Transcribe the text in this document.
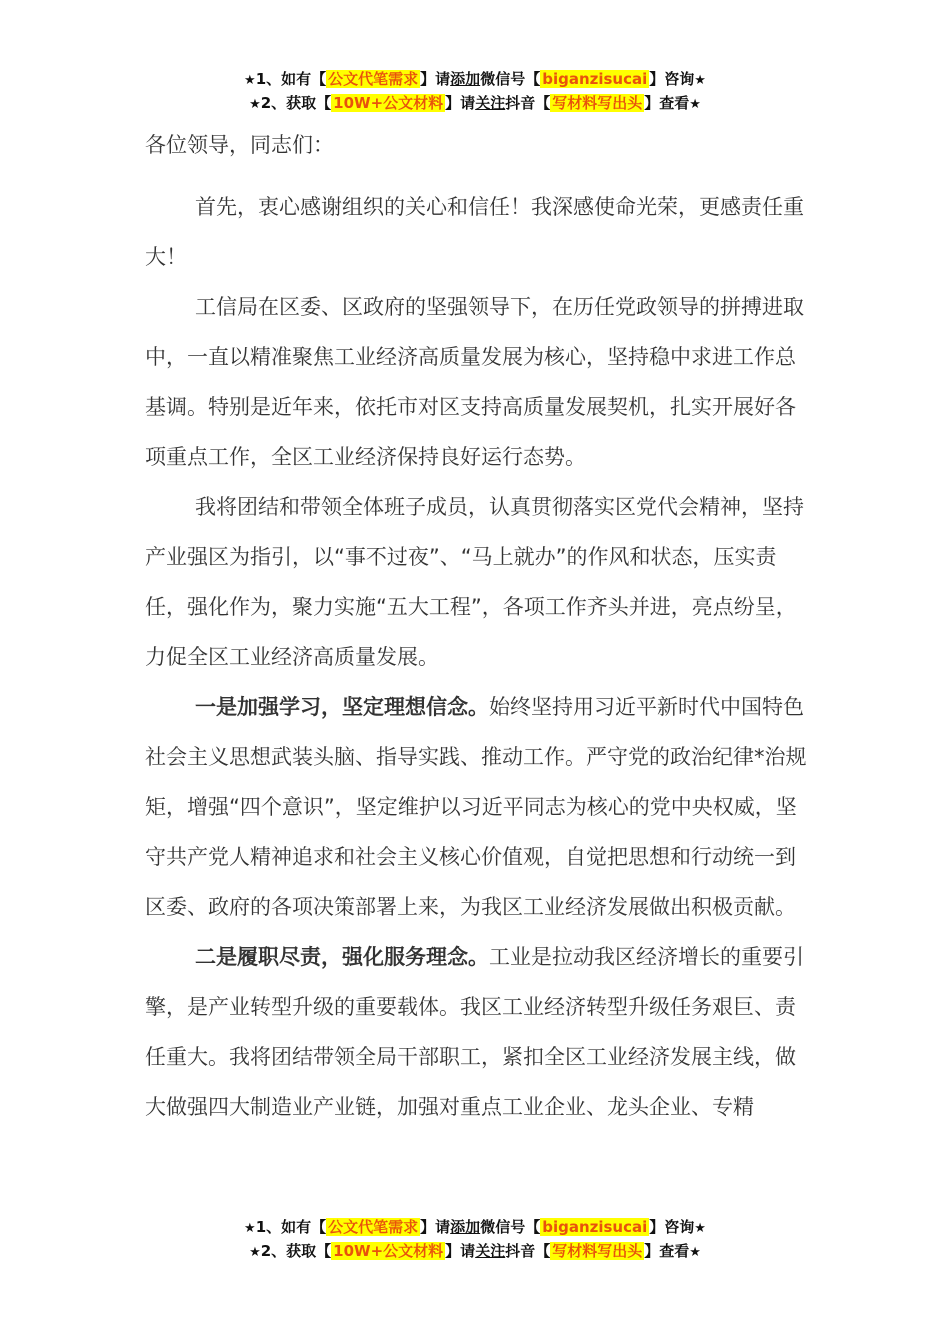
★1、如有【 公文代笔需求 】请添加微信号【 biganzisucai 】咨询★
★2、获取【 10W+公文材料 】请关注抖音【 写材料写出头 】查看★

各位领导，同志们：

首先，衷心感谢组织的关心和信任！我深感使命光荣，更感责任重大！

工信局在区委、区政府的坚强领导下，在历任党政领导的拼搏进取中，一直以精准聚焦工业经济高质量发展为核心，坚持稳中求进工作总基调。特别是近年来，依托市对区支持高质量发展契机，扎实开展好各项重点工作，全区工业经济保持良好运行态势。

我将团结和带领全体班子成员，认真贯彻落实区党代会精神，坚持产业强区为指引，以“事不过夜”、“马上就办”的作风和状态，压实责任，强化作为，聚力实施“五大工程”，各项工作齐头并进，亮点纷呈，力促全区工业经济高质量发展。

一是加强学习，坚定理想信念。始终坚持用习近平新时代中国特色社会主义思想武装头脑、指导实践、推动工作。严守党的政治纪律*治规矩，增强“四个意识”，坚定维护以习近平同志为核心的党中央权威，坚守共产党人精神追求和社会主义核心价值观，自觉把思想和行动统一到区委、政府的各项决策部署上来，为我区工业经济发展做出积极贡献。

二是履职尽责，强化服务理念。工业是拉动我区经济增长的重要引擎，是产业转型升级的重要载体。我区工业经济转型升级任务艰巨、责任重大。我将团结带领全局干部职工，紧扣全区工业经济发展主线，做大做强四大制造业产业链，加强对重点工业企业、龙头企业、专精

★1、如有【 公文代笔需求 】请添加微信号【 biganzisucai 】咨询★
★2、获取【 10W+公文材料 】请关注抖音【 写材料写出头 】查看★
